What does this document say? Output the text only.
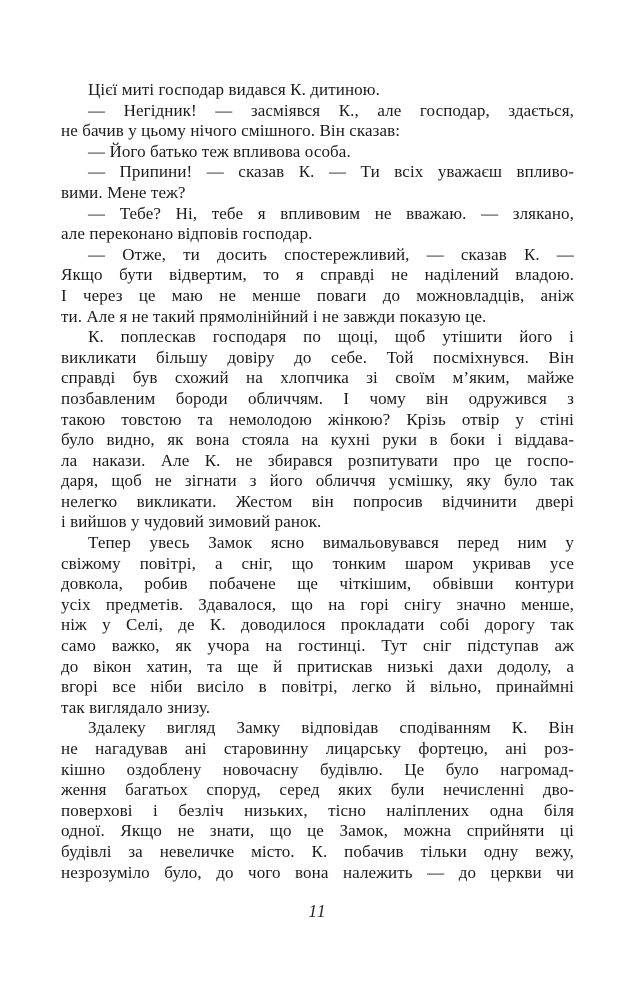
Цієї миті господар видався К. дитиною.
— Негідник! — засміявся К., але господар, здається,
не бачив у цьому нічого смішного. Він сказав:
— Його батько теж впливова особа.
— Припини! — сказав К. — Ти всіх уважаєш впливо-
вими. Мене теж?
— Тебе? Ні, тебе я впливовим не вважаю. — злякано,
але переконано відповів господар.
— Отже, ти досить спостережливий, — сказав К. —
Якщо бути відвертим, то я справді не наділений владою.
І через це маю не менше поваги до можновладців, аніж
ти. Але я не такий прямолінійний і не завжди показую це.
К. поплескав господаря по щоці, щоб утішити його і
викликати більшу довіру до себе. Той посміхнувся. Він
справді був схожий на хлопчика зі своїм м’яким, майже
позбавленим бороди обличчям. І чому він одружився з
такою товстою та немолодою жінкою? Крізь отвір у стіні
було видно, як вона стояла на кухні руки в боки і віддава-
ла накази. Але К. не збирався розпитувати про це госпо-
даря, щоб не зігнати з його обличчя усмішку, яку було так
нелегко викликати. Жестом він попросив відчинити двері
і вийшов у чудовий зимовий ранок.
Тепер увесь Замок ясно вимальовувався перед ним у
свіжому повітрі, а сніг, що тонким шаром укривав усе
довкола, робив побачене ще чіткішим, обвівши контури
усіх предметів. Здавалося, що на горі снігу значно менше,
ніж у Селі, де К. доводилося прокладати собі дорогу так
само важко, як учора на гостинці. Тут сніг підступав аж
до вікон хатин, та ще й притискав низькі дахи додолу, а
вгорі все ніби висіло в повітрі, легко й вільно, принаймні
так виглядало знизу.
Здалеку вигляд Замку відповідав сподіванням К. Він
не нагадував ані старовинну лицарську фортецю, ані роз-
кішно оздоблену новочасну будівлю. Це було нагромад-
ження багатьох споруд, серед яких були нечисленні дво-
поверхові і безліч низьких, тісно наліплених одна біля
одної. Якщо не знати, що це Замок, можна сприйняти ці
будівлі за невеличке місто. К. побачив тільки одну вежу,
незрозуміло було, до чого вона належить — до церкви чи
11
